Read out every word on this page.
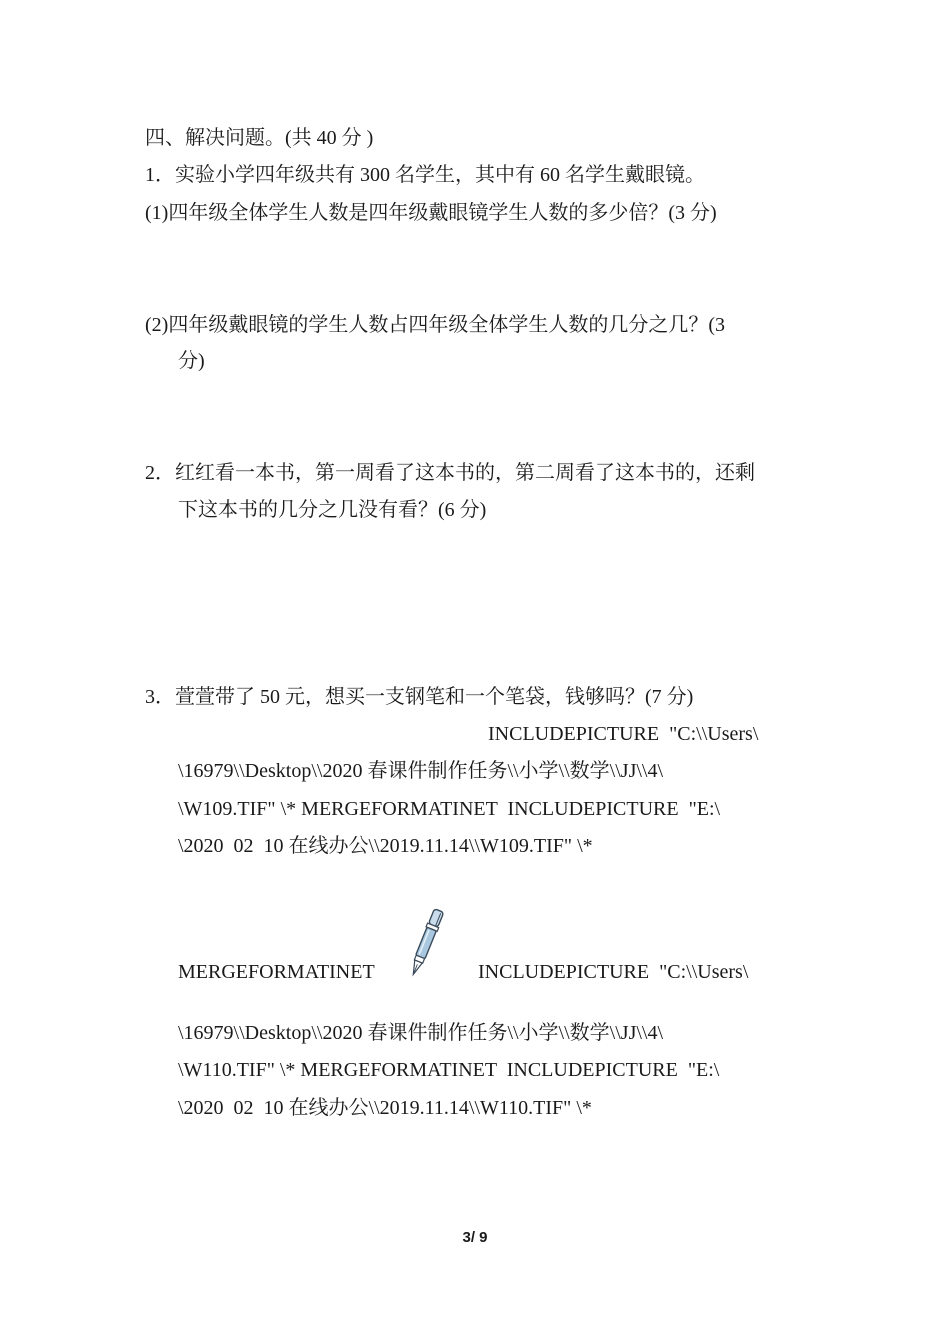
四、解决问题。(共 40 分 )
1．实验小学四年级共有 300 名学生，其中有 60 名学生戴眼镜。
(1)四年级全体学生人数是四年级戴眼镜学生人数的多少倍？(3 分)
(2)四年级戴眼镜的学生人数占四年级全体学生人数的几分之几？(3
分)
2．红红看一本书，第一周看了这本书的，第二周看了这本书的，还剩
下这本书的几分之几没有看？(6 分)
3．萱萱带了 50 元，想买一支钢笔和一个笔袋，钱够吗？(7 分)
INCLUDEPICTURE  "C:\\Users\
\16979\\Desktop\\2020 春课件制作任务\\小学\\数学\\JJ\\4\
\W109.TIF" \* MERGEFORMATINET  INCLUDEPICTURE  "E:\
\2020  02  10 在线办公\\2019.11.14\\W109.TIF" \*
MERGEFORMATINET	INCLUDEPICTURE  "C:\\Users\
\16979\\Desktop\\2020 春课件制作任务\\小学\\数学\\JJ\\4\
\W110.TIF" \* MERGEFORMATINET  INCLUDEPICTURE  "E:\
\2020  02  10 在线办公\\2019.11.14\\W110.TIF" \*
3/ 9
